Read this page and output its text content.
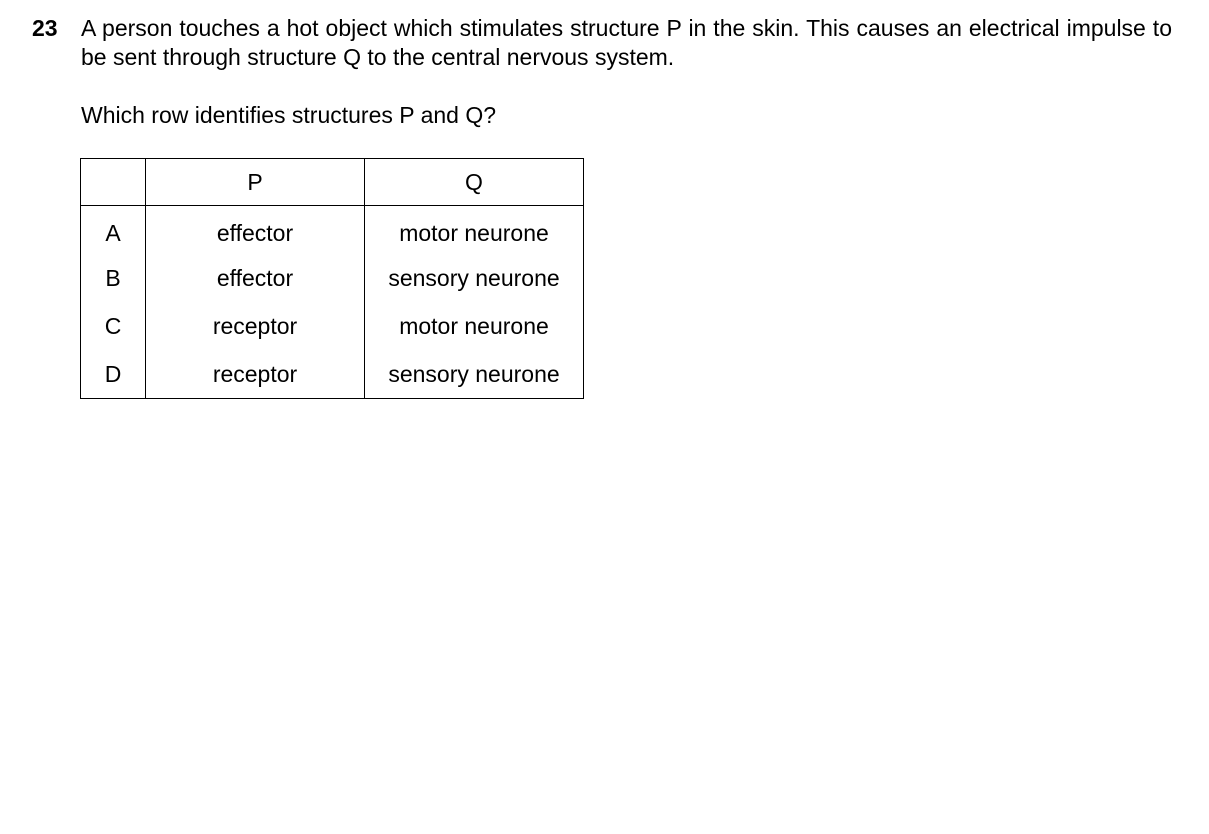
23 A person touches a hot object which stimulates structure P in the skin. This causes an electrical impulse to be sent through structure Q to the central nervous system.
Which row identifies structures P and Q?
	P	Q
A	effector	motor neurone
B	effector	sensory neurone
C	receptor	motor neurone
D	receptor	sensory neurone
